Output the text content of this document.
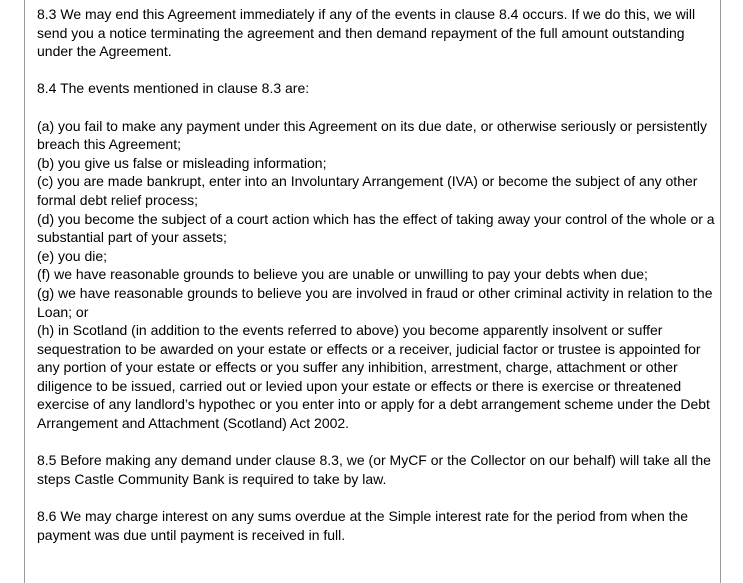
8.3 We may end this Agreement immediately if any of the events in clause 8.4 occurs. If we do this, we will send you a notice terminating the agreement and then demand repayment of the full amount outstanding under the Agreement.

8.4 The events mentioned in clause 8.3 are:

(a) you fail to make any payment under this Agreement on its due date, or otherwise seriously or persistently breach this Agreement;
(b) you give us false or misleading information;
(c) you are made bankrupt, enter into an Involuntary Arrangement (IVA) or become the subject of any other formal debt relief process;
(d) you become the subject of a court action which has the effect of taking away your control of the whole or a substantial part of your assets;
(e) you die;
(f) we have reasonable grounds to believe you are unable or unwilling to pay your debts when due;
(g) we have reasonable grounds to believe you are involved in fraud or other criminal activity in relation to the Loan; or
(h) in Scotland (in addition to the events referred to above) you become apparently insolvent or suffer sequestration to be awarded on your estate or effects or a receiver, judicial factor or trustee is appointed for any portion of your estate or effects or you suffer any inhibition, arrestment, charge, attachment or other diligence to be issued, carried out or levied upon your estate or effects or there is exercise or threatened exercise of any landlord’s hypothec or you enter into or apply for a debt arrangement scheme under the Debt Arrangement and Attachment (Scotland) Act 2002.

8.5 Before making any demand under clause 8.3, we (or MyCF or the Collector on our behalf) will take all the steps Castle Community Bank is required to take by law.

8.6 We may charge interest on any sums overdue at the Simple interest rate for the period from when the payment was due until payment is received in full.
